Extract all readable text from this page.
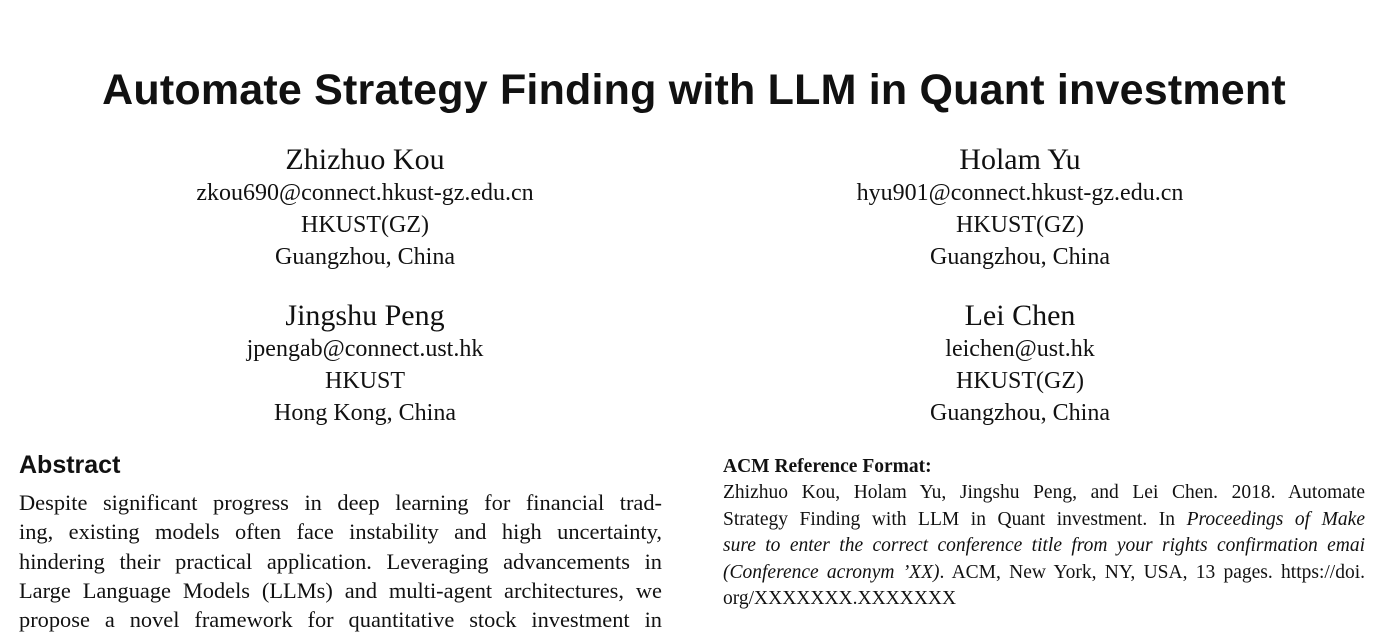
Automate Strategy Finding with LLM in Quant investment
Zhizhuo Kou
zkou690@connect.hkust-gz.edu.cn
HKUST(GZ)
Guangzhou, China
Holam Yu
hyu901@connect.hkust-gz.edu.cn
HKUST(GZ)
Guangzhou, China
Jingshu Peng
jpengab@connect.ust.hk
HKUST
Hong Kong, China
Lei Chen
leichen@ust.hk
HKUST(GZ)
Guangzhou, China
Abstract
Despite significant progress in deep learning for financial trad-
ing, existing models often face instability and high uncertainty,
hindering their practical application. Leveraging advancements in
Large Language Models (LLMs) and multi-agent architectures, we
propose a novel framework for quantitative stock investment in
ACM Reference Format:
Zhizhuo Kou, Holam Yu, Jingshu Peng, and Lei Chen. 2018. Automate
Strategy Finding with LLM in Quant investment. In Proceedings of Make
sure to enter the correct conference title from your rights confirmation emai
(Conference acronym ’XX). ACM, New York, NY, USA, 13 pages. https://doi.
org/XXXXXXX.XXXXXXX
